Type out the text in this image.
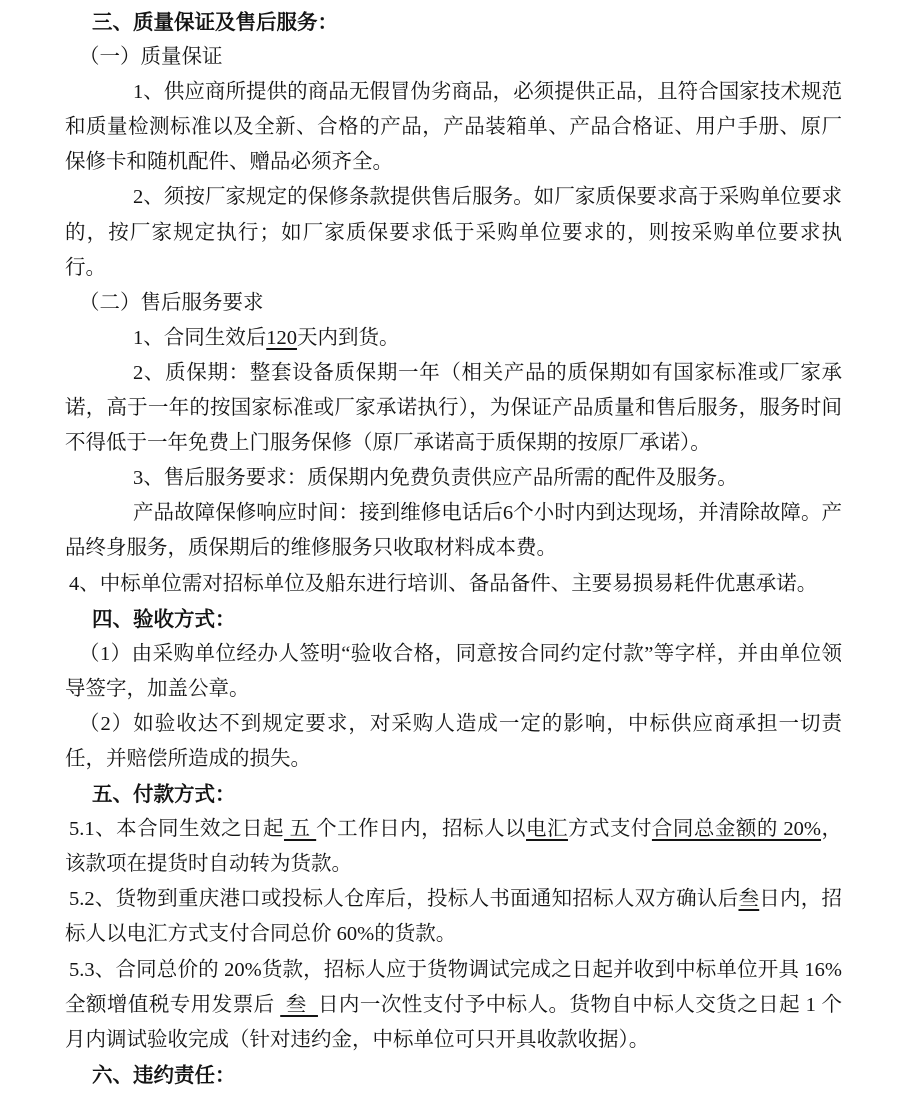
三、质量保证及售后服务：

（一）质量保证

1、供应商所提供的商品无假冒伪劣商品，必须提供正品，且符合国家技术规范和质量检测标准以及全新、合格的产品，产品装箱单、产品合格证、用户手册、原厂保修卡和随机配件、赠品必须齐全。

2、须按厂家规定的保修条款提供售后服务。如厂家质保要求高于采购单位要求的，按厂家规定执行；如厂家质保要求低于采购单位要求的，则按采购单位要求执行。

（二）售后服务要求

1、合同生效后120天内到货。

2、质保期：整套设备质保期一年（相关产品的质保期如有国家标准或厂家承诺，高于一年的按国家标准或厂家承诺执行），为保证产品质量和售后服务，服务时间不得低于一年免费上门服务保修（原厂承诺高于质保期的按原厂承诺）。

3、售后服务要求：质保期内免费负责供应产品所需的配件及服务。

产品故障保修响应时间：接到维修电话后6个小时内到达现场，并清除故障。产品终身服务，质保期后的维修服务只收取材料成本费。

4、中标单位需对招标单位及船东进行培训、备品备件、主要易损易耗件优惠承诺。

四、验收方式：

（1）由采购单位经办人签明“验收合格，同意按合同约定付款”等字样，并由单位领导签字，加盖公章。

（2）如验收达不到规定要求，对采购人造成一定的影响，中标供应商承担一切责任，并赔偿所造成的损失。

五、付款方式：

5.1、本合同生效之日起 五 个工作日内，招标人以电汇方式支付合同总金额的 20%，该款项在提货时自动转为货款。

5.2、货物到重庆港口或投标人仓库后，投标人书面通知招标人双方确认后叁日内，招标人以电汇方式支付合同总价 60%的货款。

5.3、合同总价的 20%货款，招标人应于货物调试完成之日起并收到中标单位开具 16%全额增值税专用发票后  叁  日内一次性支付予中标人。货物自中标人交货之日起 1 个月内调试验收完成（针对违约金，中标单位可只开具收款收据）。

六、违约责任：
